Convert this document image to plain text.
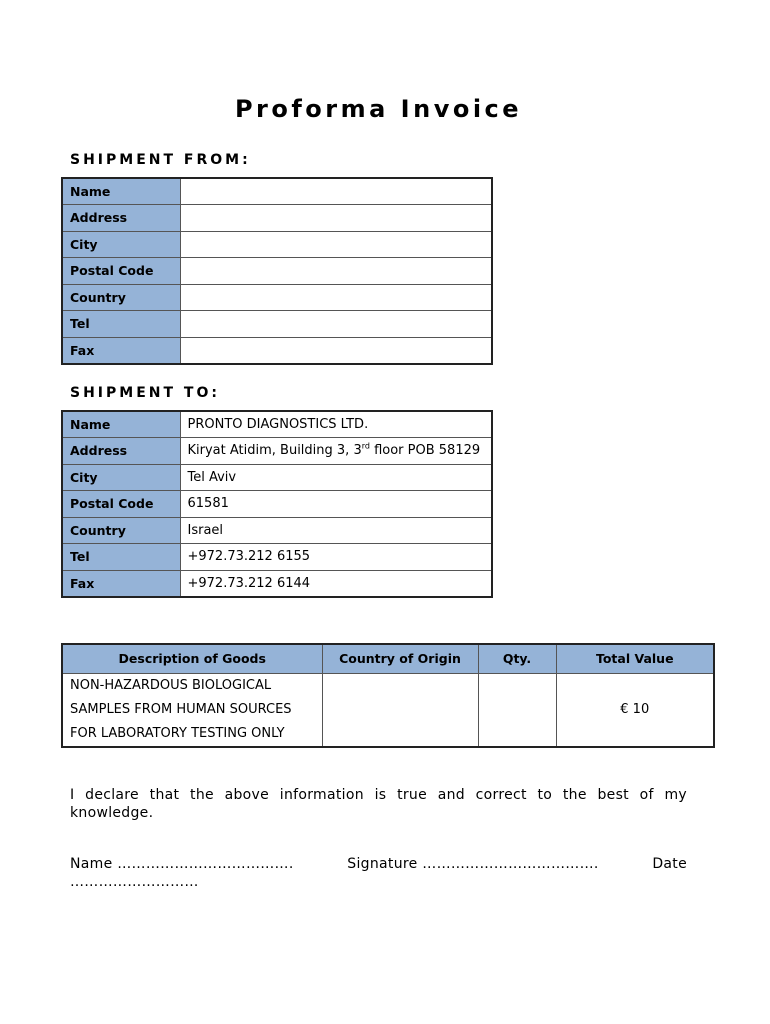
Proforma Invoice
SHIPMENT FROM:
Name	
Address	
City	
Postal Code	
Country	
Tel	
Fax	
SHIPMENT TO:
Name	PRONTO DIAGNOSTICS LTD.
Address	Kiryat Atidim, Building 3, 3rd floor POB 58129
City	Tel Aviv
Postal Code	61581
Country	Israel
Tel	+972.73.212 6155
Fax	+972.73.212 6144
Description of Goods	Country of Origin	Qty.	Total Value

NON-HAZARDOUS BIOLOGICAL
SAMPLES FROM HUMAN SOURCES
FOR LABORATORY TESTING ONLY			€ 10
I declare that the above information is true and correct to the best of my knowledge.
Name ……………………………….	Signature ……………………………….	Date
………………………
